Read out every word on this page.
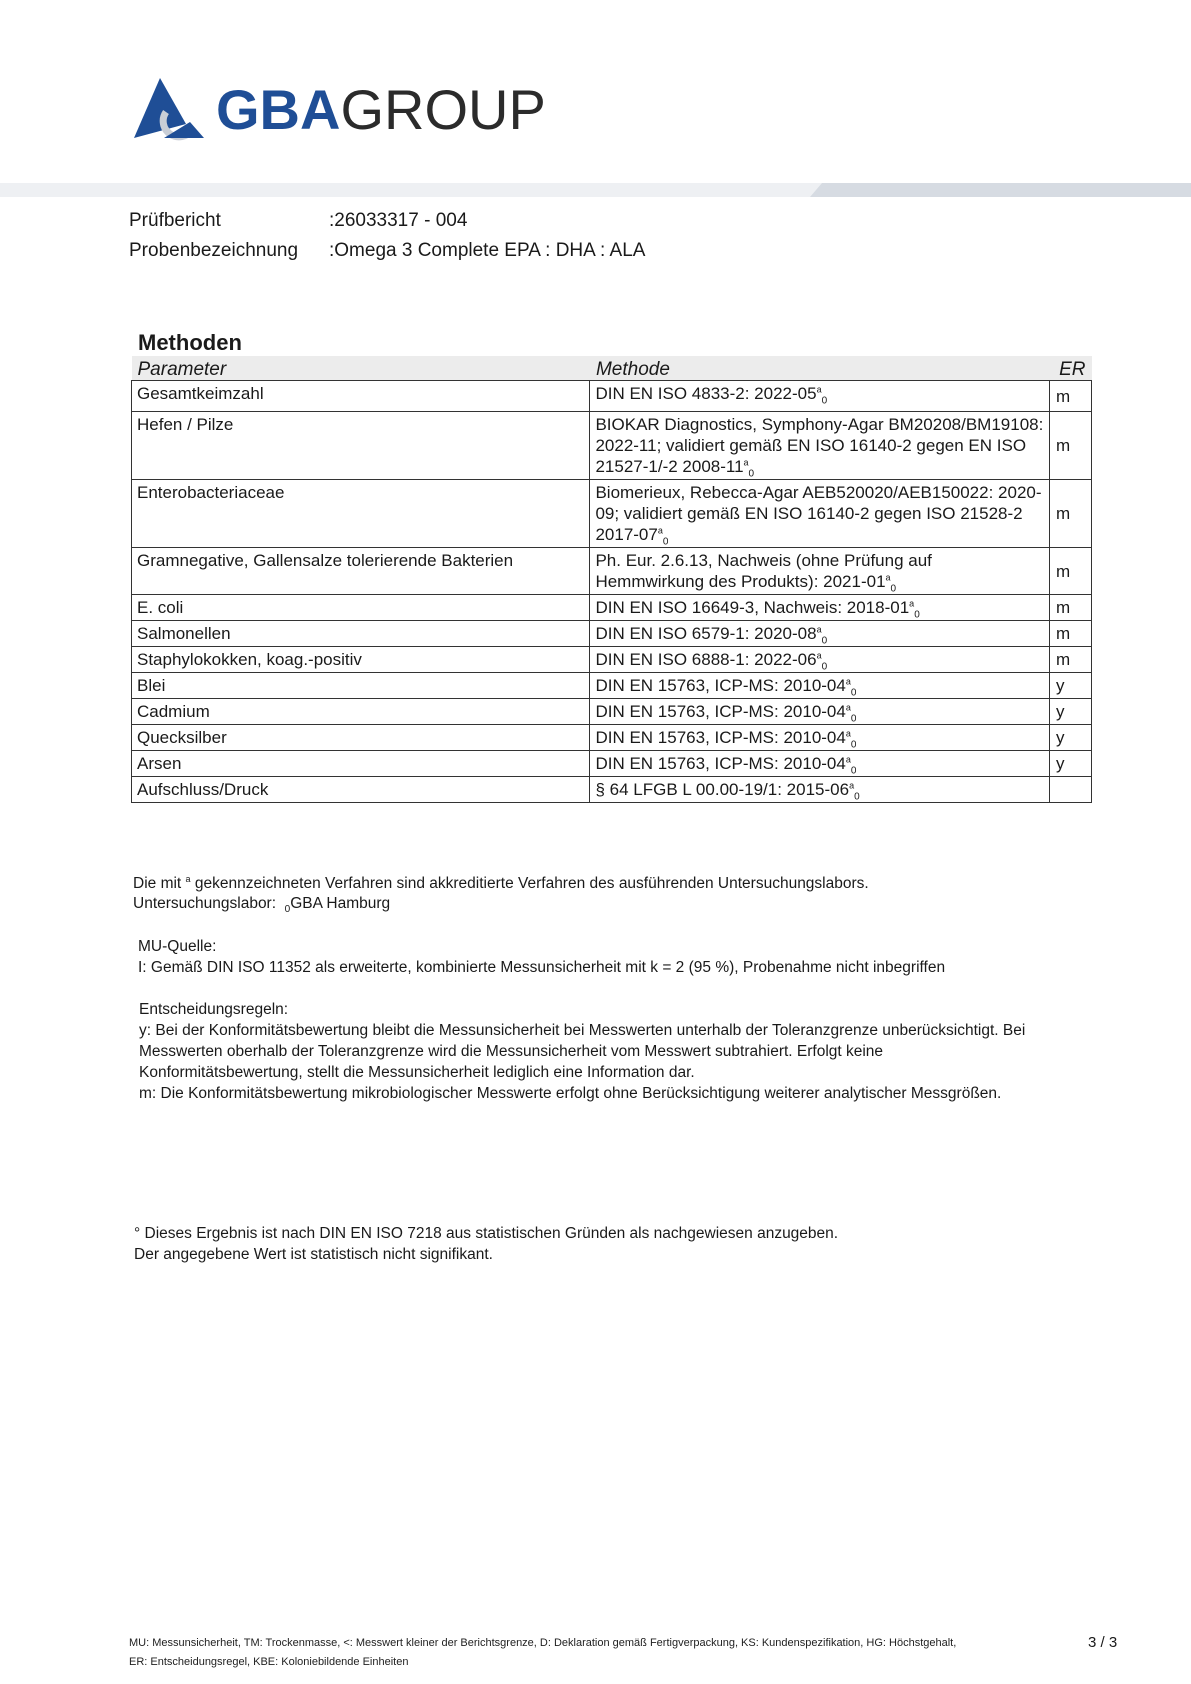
GBAGROUP
Prüfbericht	:26033317 - 004
Probenbezeichnung	:Omega 3 Complete EPA : DHA : ALA
Methoden
Parameter	Methode	ER
Gesamtkeimzahl	DIN EN ISO 4833-2: $2022-05^a_0$	m
Hefen / Pilze	BIOKAR Diagnostics, Symphony-Agar BM20208/BM19108: 2022-11; validiert gemäß EN ISO 16140-2 gegen EN ISO 21527-1/-2 $2008-11^a_0$	m
Enterobacteriaceae	Biomerieux, Rebecca-Agar AEB520020/AEB150022: 2020-09; validiert gemäß EN ISO 16140-2 gegen ISO 21528-2 $2017-07^a_0$	m
Gramnegative, Gallensalze tolerierende Bakterien	Ph. Eur. 2.6.13, Nachweis (ohne Prüfung auf Hemmwirkung des Produkts): $2021-01^a_0$	m
E. coli	DIN EN ISO 16649-3, Nachweis: $2018-01^a_0$	m
Salmonellen	DIN EN ISO 6579-1: $2020-08^a_0$	m
Staphylokokken, koag.-positiv	DIN EN ISO 6888-1: $2022-06^a_0$	m
Blei	DIN EN 15763, ICP-MS: $2010-04^a_0$	y
Cadmium	DIN EN 15763, ICP-MS: $2010-04^a_0$	y
Quecksilber	DIN EN 15763, ICP-MS: $2010-04^a_0$	y
Arsen	DIN EN 15763, ICP-MS: $2010-04^a_0$	y
Aufschluss/Druck	§ 64 LFGB L 00.00-19/1: $2015-06^a_0$	
Die mit $^a$ gekennzeichneten Verfahren sind akkreditierte Verfahren des ausführenden Untersuchungslabors.
Untersuchungslabor: $_0$GBA Hamburg
MU-Quelle:
I: Gemäß DIN ISO 11352 als erweiterte, kombinierte Messunsicherheit mit k = 2 (95 %), Probenahme nicht inbegriffen
Entscheidungsregeln:
y: Bei der Konformitätsbewertung bleibt die Messunsicherheit bei Messwerten unterhalb der Toleranzgrenze unberücksichtigt. Bei
Messwerten oberhalb der Toleranzgrenze wird die Messunsicherheit vom Messwert subtrahiert. Erfolgt keine
Konformitätsbewertung, stellt die Messunsicherheit lediglich eine Information dar.
m: Die Konformitätsbewertung mikrobiologischer Messwerte erfolgt ohne Berücksichtigung weiterer analytischer Messgrößen.
° Dieses Ergebnis ist nach DIN EN ISO 7218 aus statistischen Gründen als nachgewiesen anzugeben.
Der angegebene Wert ist statistisch nicht signifikant.
MU: Messunsicherheit, TM: Trockenmasse, <: Messwert kleiner der Berichtsgrenze, D: Deklaration gemäß Fertigverpackung, KS: Kundenspezifikation, HG: Höchstgehalt,
ER: Entscheidungsregel, KBE: Koloniebildende Einheiten
3 / 3
